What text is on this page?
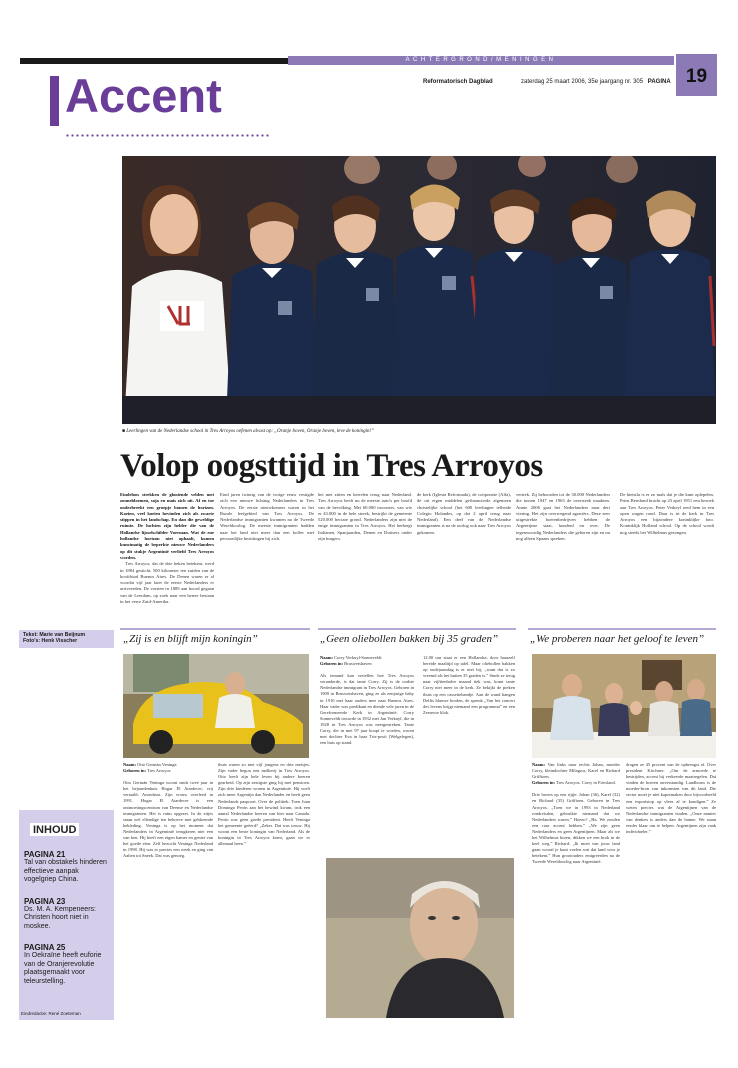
ACHTERGROND/MENINGEN
Accent	Reformatorisch Dagblad	zaterdag 25 maart 2006, 35e jaargang nr. 305 PAGINA 19
■ Leerlingen van de Nederlandse school in Tres Arroyos oefenen alvast op: „Oranje boven, Oranje boven, leve de koningin!”
Volop oogsttijd in Tres Arroyos

Eindeloos strekken de glooiende velden met zonnebloemen, soja en mais zich uit. Af en toe onderbreekt een groepje bomen de horizon. Koeien, veel koeien bevinden zich als zwarte stippen in het landschap. En dan die geweldige ruimte. De luchten zijn helder die van de Hollandse lijsselschilder Voerman. Wat de ene hollandse horizon niet ophaalt, komen kunstmatig de beperkte nieuwe Nederlanders op dit stukje Argentinië verliefd Tres Arroyos worden.

Tres Arroyos, dat de drie beken betekent, werd in 1884 gesticht, 500 kilometer ten zuiden van de hoofdstad Buenos Aires. De Denen waren er al voordat vijf jaar later de eerste Nederlanders er arriveerden. De vorsten in 1889 aan boord gegaan van de Leerdam, op zoek naar een betere bestaan in het verre Zuid-Amerika.

Eind jaren twintig van de vorige eeuw vestigde zich een nieuwe lichting Nederlanders in Tres Arroyos. De eerste nieuwkomers waren in het Rurale leefgebied van Tres Arroyos. De Nederlandse immigranten kwamen na de Tweede Wereldoorlog. De meeste immigranten hadden naar het land niet meer dan een koffer met persoonlijke bezittingen bij zich.

het met zitten en kerrelen terug naar Nederland. Tres Arroyos heeft nu de meeste auto's per hoofd van de bevolking. Met 60.000 inwoners, van wie er 43.000 in de hele streek, bestrijkt de gemeente 520.000 hectare grond. Nederlanders zijn niet de enige immigranten in Tres Arroyos. Het herbergt Italianen, Spanjaarden, Denen en Duitsers onder zijn burgers.

de kerk (Iglesia Reformada), de coöperatie (Alfa), de uit eigen middelen gefinancierde algemeen christelijke school (het 600 leerlingen tellende Colegio Holandes, op dat 2 april terug naar Nederland). Een deel van de Nederlandse immigranten is na de oorlog ook naar Tres Arroyos gekomen.

vertrek. Zij behoorden tot de 30.000 Nederlanders die tussen 1947 en 1963 de oversteek maakten. Annie 2006 gaat het Nederlanders naar dert viering. Het zijn overwegend agrariërs. Deze zeer uitgestrekte boerenbedrijven hebben de Argentijnse staat, honderd en over. De tegenwoordig Nederlanders die geboren zijn en nu nog alleen Spaans spreken.

De hietstla is er zo mals dat je die kunt oplepelen. Prins Bernhard bracht op 23 april 1951 een bezoek aan Tres Arroyos. Peter Verkeyl reed hem in een open wagen rond. Daar is in de kerk in Tres Arroyos een bijzondere koninklijke foto. Koninklijk Holland school. Op de school wordt nog steeds het Wilhelmus gezongen.

Tekst: Marie van Beijnum
Foto's: Henk Visscher	„Zij is en blijft mijn koningin”
Naam: Otto Germán Veninga
Geboren in: Tres Arroyos
Otto Germán Veninga woont sinds twee jaar in het bejaardenhuis Hogar El Atardecer, vrij vertaald: Avondrust. Zijn vrouw overleed in 1991. Hogar El Atardecer is een ontmoetingscentrum van Deense en Nederlandse immigranten. Het is ruim opgezet. In de zitjes staan wel ellendige ten behoeve met gebloemde bekleding. Veninga is op het moment dat Nederlanders in Argentinië terugkeren niet een van hen. Hij heeft een eigen kamer en geniet van het goede eten. Zelf bezocht Veninga Nederland in 1998. Hij was er precies een week en ging van Aalten tot Sneek. Dat was genoeg.
thuis waren zo met vijf jongens en drie meisjes. Zijn vader begon een melkerij in Tres Arroyos. Otto heeft zijn hele leven bij andere boeren gearbeid. Op zijn zestigste ging hij met pensioen. Zijn drie kinderen wonen in Argentinië. Hij voelt zich meer Argentijn dan Nederlander en heeft geen Nederlands paspoort. Over de politiek: Toen Juan Domingo Perón aan het bewind kwam, trok een aantal Nederlandse boeren van hier naar Canada. Perón was geen goede president. Heeft Veninga het gemeente geëerd? „Zeker. Dat was trouw. Hij woont een beste koningin van Nederland. Als de koningin in Tres Arroyos komt, gaan we er allemaal heen.”
„Geen oliebollen bakken bij 35 graden”
Naam: Corry Verkuyl-Sonneveldt
Geboren in: Bruswetshaven
Als iemand kan vertellen hoe Tres Arroyos veranderde, is dat tante Corry. Zij is de oudste Nederlandse immigrant in Tres Arroyos. Geboren in 1909 in Bruswetshaven, ging ze als eenjarige baby in 1910 met haar ouders mee naar Buenos Aires. Haar vader was predikant en diende vele jaren in de Gereformeerde Kerk in Argentinië. Corry Sonneveldt trouwde in 1932 met Jan Verkuyl, die in 1928 in Tres Arroyos was neergestreken. Tante Corry, die in mei 97 jaar hoopt te worden, woont met dochter Eva in haar Tris-posti (Welgelegen), een huis op stand.
12.00 uur staat er een Hollandse, door haarzelf bereide maaltijd op tafel. Maar oliebollen bakken op oudejaarsdag is er niet bij, „want dat is zo vreemd als het buiten 35 graden is.” Sinds ze terug naar vijftienhalve maand tiek was, komt tante Corry niet meer in de kerk. Ze bekijkt de preken thuis op een cassettebandje. Aan de wand hangen Delfts blauwe borden, de spreuk „Van het concert des levens krijgt niemand een programma” en een Zeeuwse klok.
„We proberen naar het geloof te leven”
Naam: Van links naar rechts Johan, moeder Corry, kleindochter Milagros, Karel en Richard Griffioen.
Geboren in: Tres Arroyos. Corry in Friesland.
Drie broers op een rijtje: Johan (36), Karel (32) en Richard (35) Griffioen. Geboren in Tres Arroyos. „Toen we in 1993 in Nederland rondreisden, gebruikte niemand dat we Nederlanders waren.” Hoezo? „Ha. We zouden een raar accent hebben.” „We zijn geen Nederlanders en geen Argentijnen. Maar als we het Wilhelmus horen, dikken we een brok in de keel weg.” Richard: „Ik moet van jouw land gaan vooraf je kunt voelen wat dat land voor je betekent.” Hun grootouders emigreerden na de Tweede Wereldoorlog naar Argentinië.
dragen ze 45 procent van de opbrengst af. Over president Kirchner: „Om de armoede te bestrijden, accent hij verkeerde maatregelen. Dat vinden de boeren onverstandig. Landbouw is de moeder-bron van inkomsten van dit land. Die sector moet je niet kapotmaken door bijvoorbeeld een exportstop op vlees af te kondigen.” Ze weten precies wat de Argentijnen van de Nederlandse immigranten vinden. „Onze manier van denken is anders dan de hunne. We staan eerder klaar om te helpen. Argentijnen zijn vaak individueler.”
INHOUD
PAGINA 21
Tal van obstakels hinderen effectieve aanpak vogelgriep China.
PAGINA 23
Ds. M. A. Kempeneers: Christen hoort niet in moskee.
PAGINA 25
In Oekraïne heeft euforie van de Oranjerevolutie plaatsgemaakt voor teleurstelling.
Eindredactie: René Zoeteman
